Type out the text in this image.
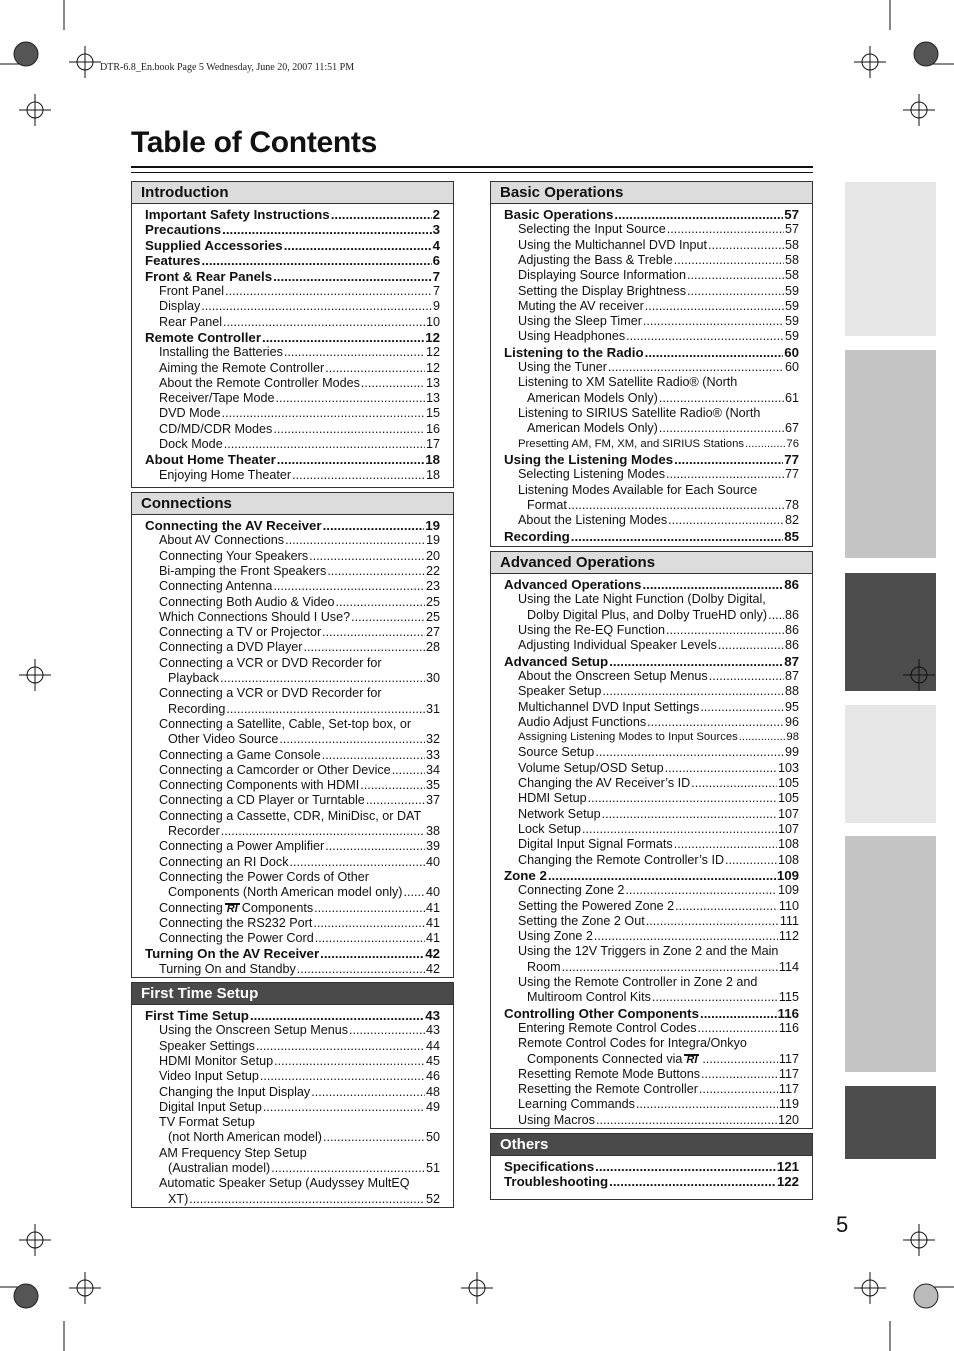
DTR-6.8_En.book Page 5 Wednesday, June 20, 2007 11:51 PM
Table of Contents
Introduction
Important Safety Instructions .....	2
Precautions .....	3
Supplied Accessories .....	4
Features .....	6
Front & Rear Panels .....	7
Front Panel .....	7
Display .....	9
Rear Panel .....	10
Remote Controller .....	12
Installing the Batteries .....	12
Aiming the Remote Controller .....	12
About the Remote Controller Modes .....	13
Receiver/Tape Mode .....	13
DVD Mode .....	15
CD/MD/CDR Modes .....	16
Dock Mode .....	17
About Home Theater .....	18
Enjoying Home Theater .....	18
Connections
Connecting the AV Receiver .....	19
About AV Connections .....	19
Connecting Your Speakers .....	20
Bi-amping the Front Speakers .....	22
Connecting Antenna .....	23
Connecting Both Audio & Video .....	25
Which Connections Should I Use? .....	25
Connecting a TV or Projector .....	27
Connecting a DVD Player .....	28
Connecting a VCR or DVD Recorder for
Playback .....	30
Connecting a VCR or DVD Recorder for
Recording .....	31
Connecting a Satellite, Cable, Set-top box, or
Other Video Source .....	32
Connecting a Game Console .....	33
Connecting a Camcorder or Other Device .....	34
Connecting Components with HDMI .....	35
Connecting a CD Player or Turntable .....	37
Connecting a Cassette, CDR, MiniDisc, or DAT
Recorder .....	38
Connecting a Power Amplifier .....	39
Connecting an RI Dock .....	40
Connecting the Power Cords of Other
Components (North American model only) ..... 40
Connecting RI Components .....	41
Connecting the RS232 Port .....	41
Connecting the Power Cord .....	41
Turning On the AV Receiver .....	42
Turning On and Standby .....	42
First Time Setup
First Time Setup .....	43
Using the Onscreen Setup Menus .....	43
Speaker Settings .....	44
HDMI Monitor Setup .....	45
Video Input Setup .....	46
Changing the Input Display .....	48
Digital Input Setup .....	49
TV Format Setup
(not North American model) .....	50
AM Frequency Step Setup
(Australian model) .....	51
Automatic Speaker Setup (Audyssey MultEQ
XT) .....	52
Basic Operations
Basic Operations .....	57
Selecting the Input Source .....	57
Using the Multichannel DVD Input .....	58
Adjusting the Bass & Treble .....	58
Displaying Source Information .....	58
Setting the Display Brightness .....	59
Muting the AV receiver .....	59
Using the Sleep Timer .....	59
Using Headphones .....	59
Listening to the Radio .....	60
Using the Tuner .....	60
Listening to XM Satellite Radio® (North
American Models Only) .....	61
Listening to SIRIUS Satellite Radio® (North
American Models Only) .....	67
Presetting AM, FM, XM, and SIRIUS Stations .....	76
Using the Listening Modes .....	77
Selecting Listening Modes .....	77
Listening Modes Available for Each Source
Format .....	78
About the Listening Modes .....	82
Recording .....	85
Advanced Operations
Advanced Operations .....	86
Using the Late Night Function (Dolby Digital,
Dolby Digital Plus, and Dolby TrueHD only) ..... 86
Using the Re-EQ Function .....	86
Adjusting Individual Speaker Levels .....	86
Advanced Setup .....	87
About the Onscreen Setup Menus .....	87
Speaker Setup .....	88
Multichannel DVD Input Settings .....	95
Audio Adjust Functions .....	96
Assigning Listening Modes to Input Sources .....	98
Source Setup .....	99
Volume Setup/OSD Setup .....	103
Changing the AV Receiver’s ID .....	105
HDMI Setup .....	105
Network Setup .....	107
Lock Setup .....	107
Digital Input Signal Formats .....	108
Changing the Remote Controller’s ID .....	108
Zone 2 .....	109
Connecting Zone 2 .....	109
Setting the Powered Zone 2 .....	110
Setting the Zone 2 Out .....	111
Using Zone 2 .....	112
Using the 12V Triggers in Zone 2 and the Main
Room .....	114
Using the Remote Controller in Zone 2 and
Multiroom Control Kits .....	115
Controlling Other Components .....	116
Entering Remote Control Codes .....	116
Remote Control Codes for Integra/Onkyo
Components Connected via RI .....	117
Resetting Remote Mode Buttons .....	117
Resetting the Remote Controller .....	117
Learning Commands .....	119
Using Macros .....	120
Others
Specifications .....	121
Troubleshooting .....	122
5
